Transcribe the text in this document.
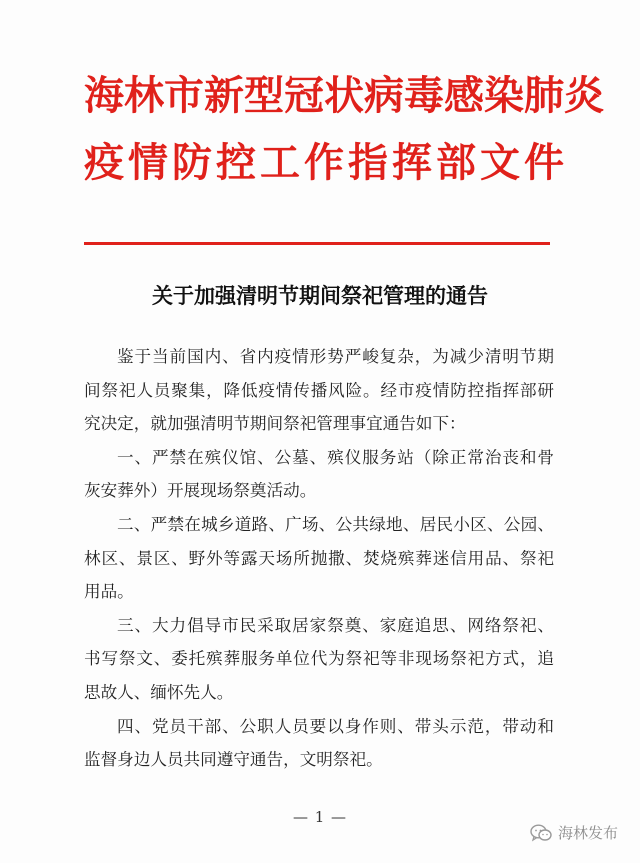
海林市新型冠状病毒感染肺炎
疫情防控工作指挥部文件
关于加强清明节期间祭祀管理的通告

鉴于当前国内、省内疫情形势严峻复杂，为减少清明节期
间祭祀人员聚集，降低疫情传播风险。经市疫情防控指挥部研
究决定，就加强清明节期间祭祀管理事宜通告如下：

一、严禁在殡仪馆、公墓、殡仪服务站（除正常治丧和骨
灰安葬外）开展现场祭奠活动。

二、严禁在城乡道路、广场、公共绿地、居民小区、公园、
林区、景区、野外等露天场所抛撒、焚烧殡葬迷信用品、祭祀
用品。

三、大力倡导市民采取居家祭奠、家庭追思、网络祭祀、
书写祭文、委托殡葬服务单位代为祭祀等非现场祭祀方式，追
思故人、缅怀先人。

四、党员干部、公职人员要以身作则、带头示范，带动和
监督身边人员共同遵守通告，文明祭祀。

— 1 —
海林发布
